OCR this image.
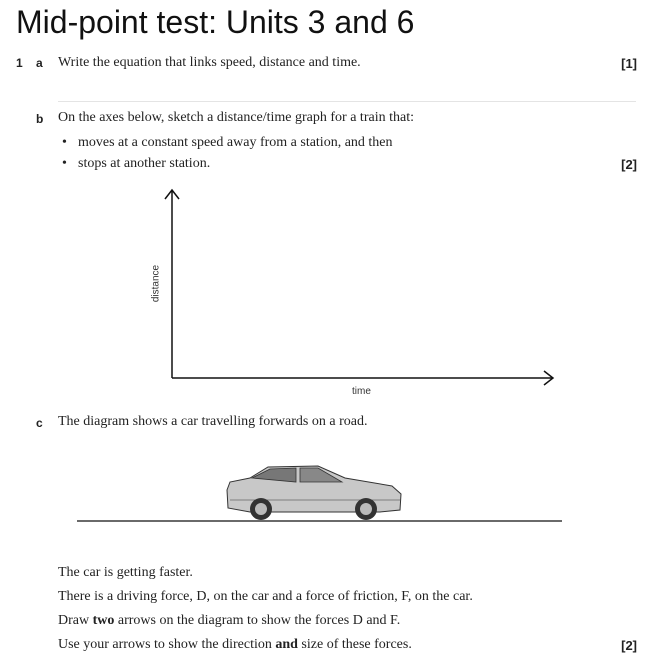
Mid-point test: Units 3 and 6
1 a Write the equation that links speed, distance and time.	[1]
b On the axes below, sketch a distance/time graph for a train that:
• moves at a constant speed away from a station, and then
• stops at another station.	[2]
distance
time
c The diagram shows a car travelling forwards on a road.
The car is getting faster.
There is a driving force, D, on the car and a force of friction, F, on the car.
Draw two arrows on the diagram to show the forces D and F.
Use your arrows to show the direction and size of these forces.	[2]
